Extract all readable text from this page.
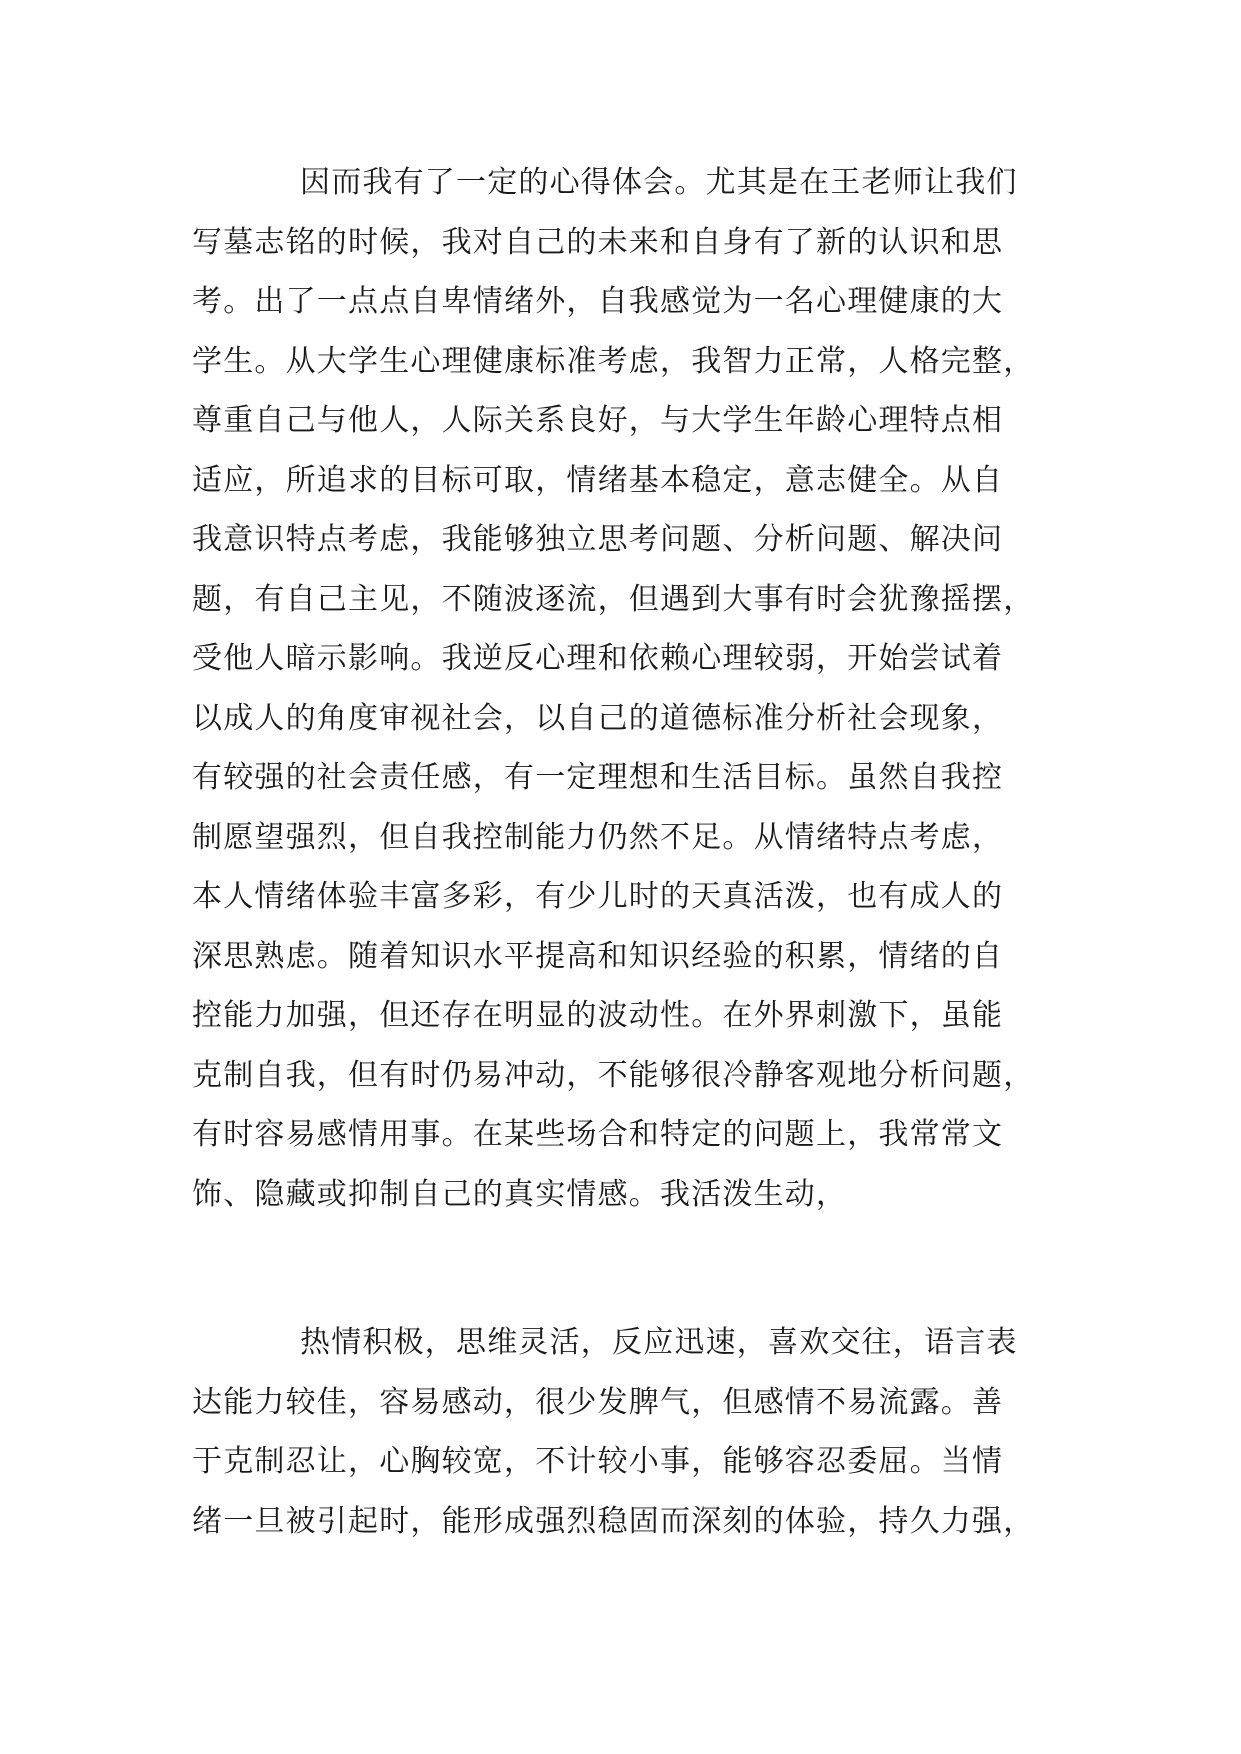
因而我有了一定的心得体会。尤其是在王老师让我们
写墓志铭的时候，我对自己的未来和自身有了新的认识和思
考。出了一点点自卑情绪外，自我感觉为一名心理健康的大
学生。从大学生心理健康标准考虑，我智力正常，人格完整，
尊重自己与他人，人际关系良好，与大学生年龄心理特点相
适应，所追求的目标可取，情绪基本稳定，意志健全。从自
我意识特点考虑，我能够独立思考问题、分析问题、解决问
题，有自己主见，不随波逐流，但遇到大事有时会犹豫摇摆，
受他人暗示影响。我逆反心理和依赖心理较弱，开始尝试着
以成人的角度审视社会，以自己的道德标准分析社会现象，
有较强的社会责任感，有一定理想和生活目标。虽然自我控
制愿望强烈，但自我控制能力仍然不足。从情绪特点考虑，
本人情绪体验丰富多彩，有少儿时的天真活泼，也有成人的
深思熟虑。随着知识水平提高和知识经验的积累，情绪的自
控能力加强，但还存在明显的波动性。在外界刺激下，虽能
克制自我，但有时仍易冲动，不能够很冷静客观地分析问题，
有时容易感情用事。在某些场合和特定的问题上，我常常文
饰、隐藏或抑制自己的真实情感。我活泼生动，

热情积极，思维灵活，反应迅速，喜欢交往，语言表
达能力较佳，容易感动，很少发脾气，但感情不易流露。善
于克制忍让，心胸较宽，不计较小事，能够容忍委屈。当情
绪一旦被引起时，能形成强烈稳固而深刻的体验，持久力强，
